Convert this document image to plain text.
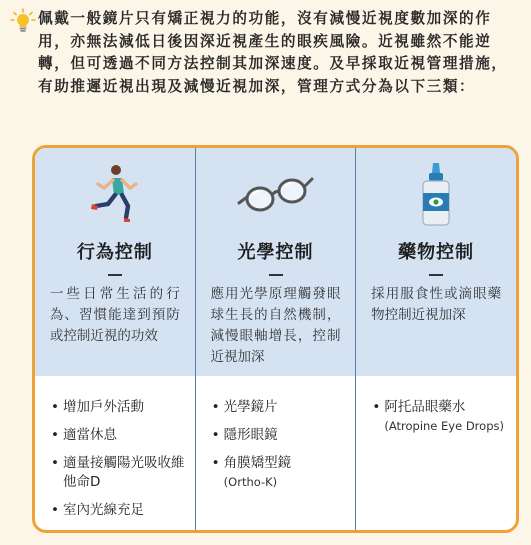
佩戴一般鏡片只有矯正視力的功能，沒有減慢近視度數加深的作用，亦無法減低日後因深近視產生的眼疾風險。近視雖然不能逆轉，但可透過不同方法控制其加深速度。及早採取近視管理措施，有助推遲近視出現及減慢近視加深，管理方式分為以下三類：
行為控制
一些日常生活的行為、習慣能達到預防或控制近視的功效
光學控制
應用光學原理觸發眼球生長的自然機制，減慢眼軸增長，控制近視加深
藥物控制
採用服食性或滴眼藥物控制近視加深
• 增加戶外活動
• 適當休息
• 適量接觸陽光吸收維他命D
• 室內光線充足
• 光學鏡片
• 隱形眼鏡
• 角膜矯型鏡
(Ortho-K)
• 阿托品眼藥水
(Atropine Eye Drops)
